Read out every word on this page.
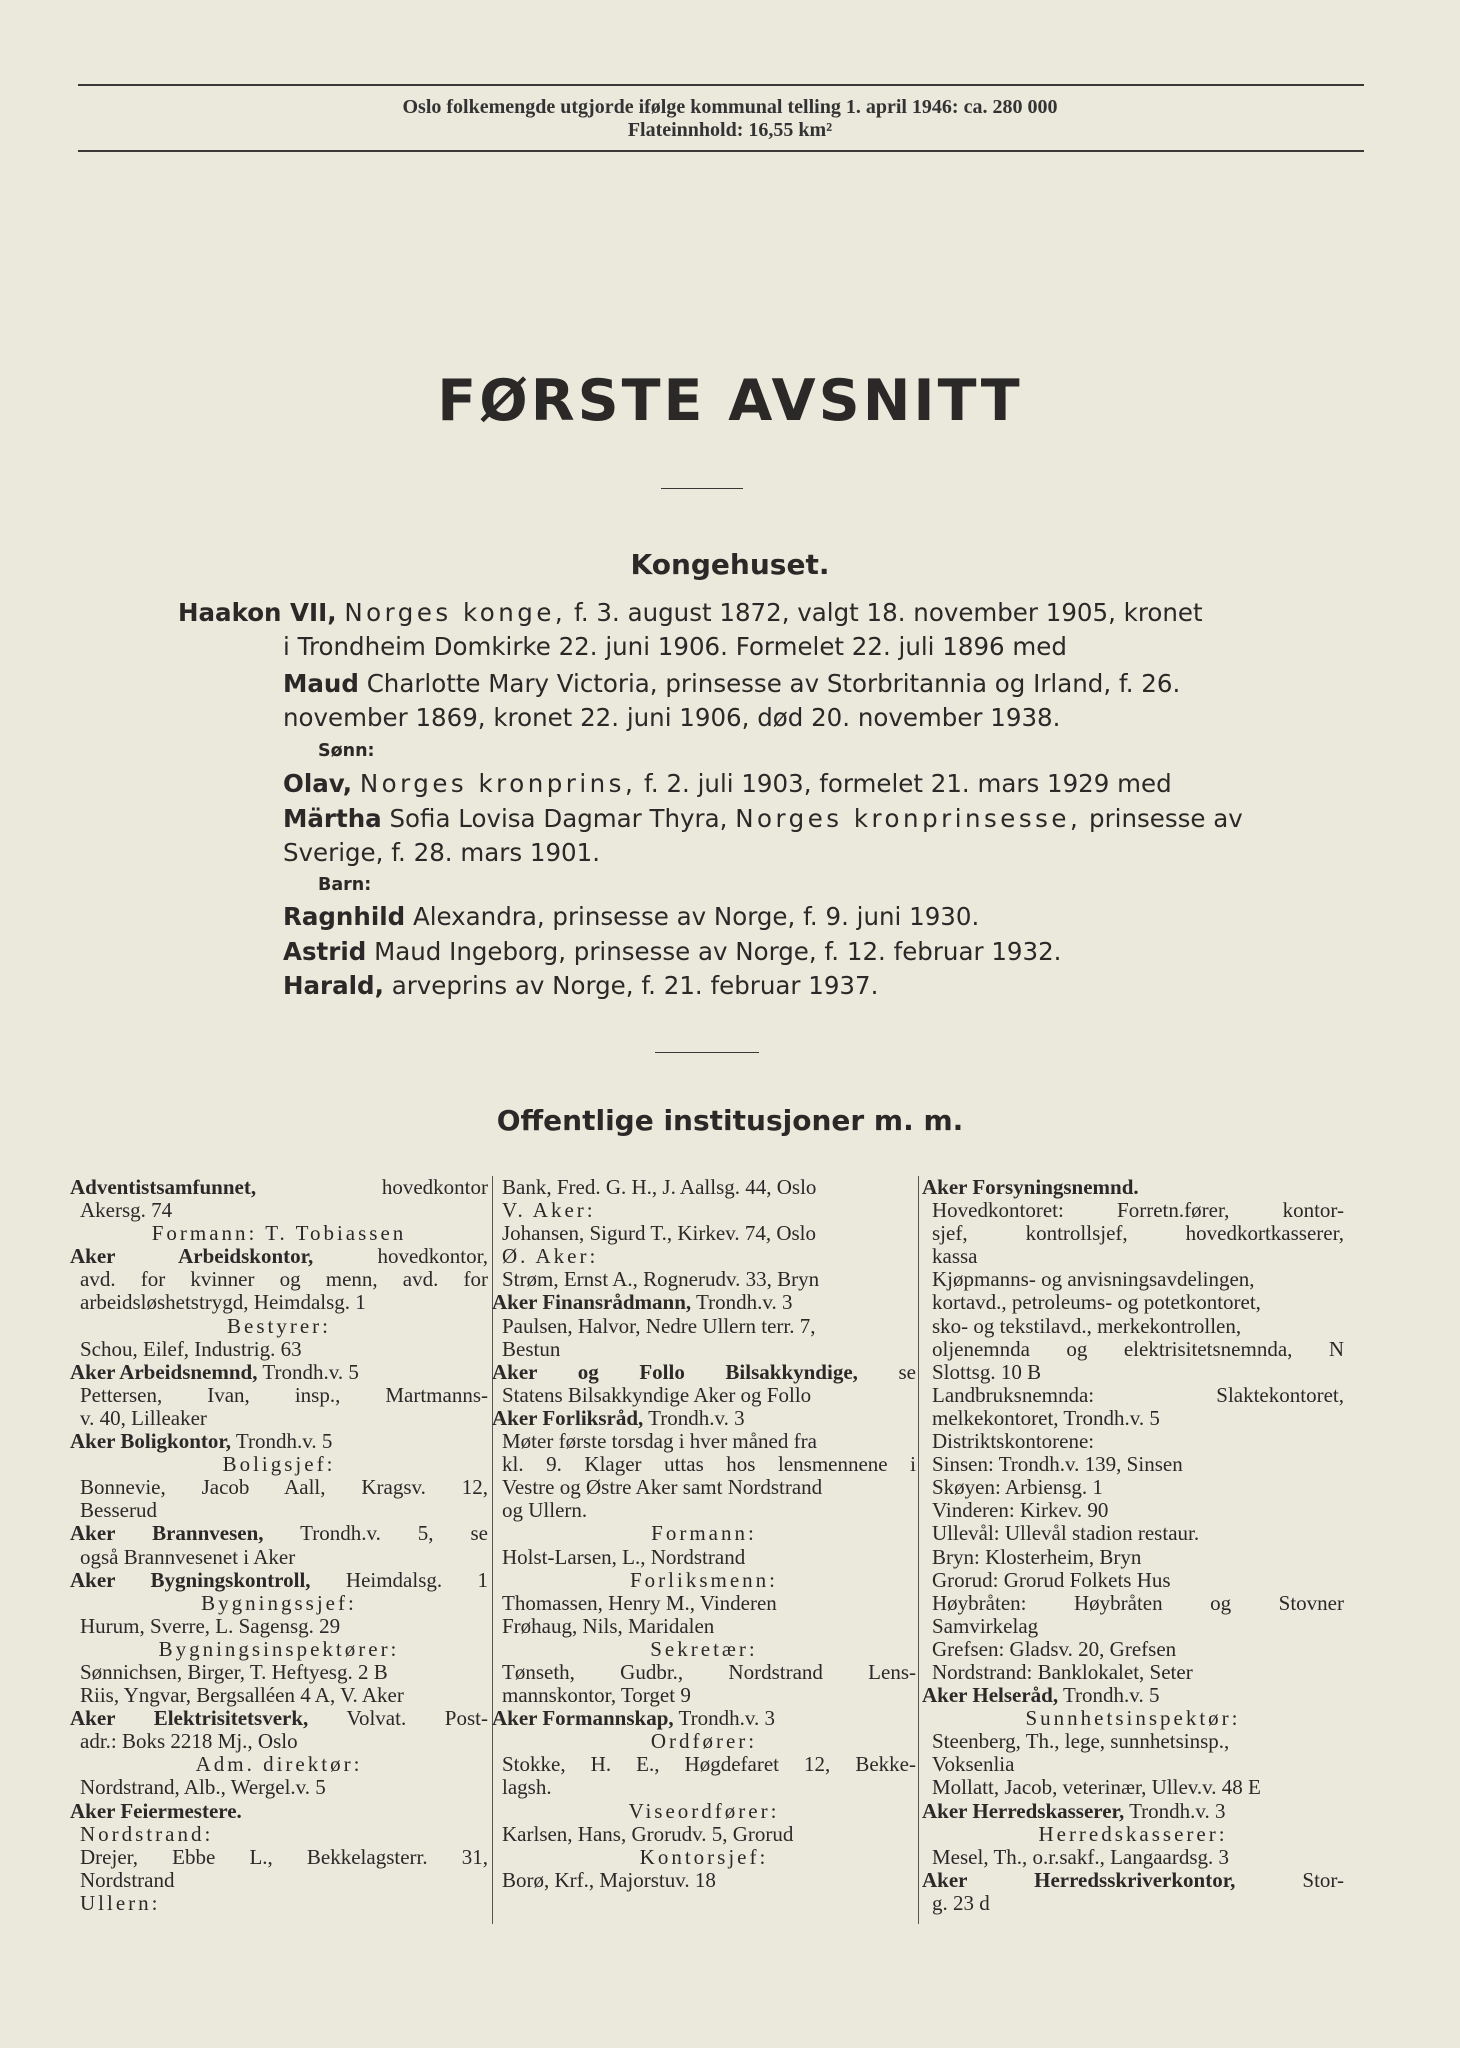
Oslo folkemengde utgjorde ifølge kommunal telling 1. april 1946: ca. 280 000
Flateinnhold: 16,55 km²
FØRSTE AVSNITT
Kongehuset.
Haakon VII, Norges konge, f. 3. august 1872, valgt 18. november 1905, kronet
i Trondheim Domkirke 22. juni 1906. Formelet 22. juli 1896 med
Maud Charlotte Mary Victoria, prinsesse av Storbritannia og Irland, f. 26.
november 1869, kronet 22. juni 1906, død 20. november 1938.
Sønn:
Olav, Norges kronprins, f. 2. juli 1903, formelet 21. mars 1929 med
Märtha Sofia Lovisa Dagmar Thyra, Norges kronprinsesse, prinsesse av
Sverige, f. 28. mars 1901.
Barn:
Ragnhild Alexandra, prinsesse av Norge, f. 9. juni 1930.
Astrid Maud Ingeborg, prinsesse av Norge, f. 12. februar 1932.
Harald, arveprins av Norge, f. 21. februar 1937.
Offentlige institusjoner m. m.
Adventistsamfunnet,	hovedkontor
Akersg. 74
Formann: T. Tobiassen
Aker Arbeidskontor,	hovedkontor,
avd. for kvinner og menn, avd. for
arbeidsløshetstrygd, Heimdalsg. 1
Bestyrer:
Schou, Eilef, Industrig. 63
Aker Arbeidsnemnd, Trondh.v. 5
Pettersen, Ivan, insp., Martmanns-
v. 40, Lilleaker
Aker Boligkontor, Trondh.v. 5
Boligsjef:
Bonnevie, Jacob Aall, Kragsv. 12,
Besserud
Aker Brannvesen, Trondh.v. 5, se
også Brannvesenet i Aker
Aker Bygningskontroll, Heimdalsg. 1
Bygningssjef:
Hurum, Sverre, L. Sagensg. 29
Bygningsinspektører:
Sønnichsen, Birger, T. Heftyesg. 2 B
Riis, Yngvar, Bergsalléen 4 A, V. Aker
Aker Elektrisitetsverk, Volvat. Post-
adr.: Boks 2218 Mj., Oslo
Adm. direktør:
Nordstrand, Alb., Wergel.v. 5
Aker Feiermestere.
Nordstrand:
Drejer, Ebbe L., Bekkelagsterr. 31,
Nordstrand
Ullern:
Bank, Fred. G. H., J. Aallsg. 44, Oslo
V. Aker:
Johansen, Sigurd T., Kirkev. 74, Oslo
Ø. Aker:
Strøm, Ernst A., Rognerudv. 33, Bryn
Aker Finansrådmann, Trondh.v. 3
Paulsen, Halvor, Nedre Ullern terr. 7,
Bestun
Aker og Follo Bilsakkyndige, se
Statens Bilsakkyndige Aker og Follo
Aker Forliksråd, Trondh.v. 3
Møter første torsdag i hver måned fra
kl. 9. Klager uttas hos lensmennene i
Vestre og Østre Aker samt Nordstrand
og Ullern.
Formann:
Holst-Larsen, L., Nordstrand
Forliksmenn:
Thomassen, Henry M., Vinderen
Frøhaug, Nils, Maridalen
Sekretær:
Tønseth, Gudbr., Nordstrand Lens-
mannskontor, Torget 9
Aker Formannskap, Trondh.v. 3
Ordfører:
Stokke, H. E., Høgdefaret 12, Bekke-
lagsh.
Viseordfører:
Karlsen, Hans, Grorudv. 5, Grorud
Kontorsjef:
Borø, Krf., Majorstuv. 18
Aker Forsyningsnemnd.
Hovedkontoret: Forretn.fører, kontor-
sjef, kontrollsjef, hovedkortkasserer,
kassa
Kjøpmanns- og anvisningsavdelingen,
kortavd., petroleums- og potetkontoret,
sko- og tekstilavd., merkekontrollen,
oljenemnda og elektrisitetsnemnda, N
Slottsg. 10 B
Landbruksnemnda: Slaktekontoret,
melkekontoret, Trondh.v. 5
Distriktskontorene:
Sinsen: Trondh.v. 139, Sinsen
Skøyen: Arbiensg. 1
Vinderen: Kirkev. 90
Ullevål: Ullevål stadion restaur.
Bryn: Klosterheim, Bryn
Grorud: Grorud Folkets Hus
Høybråten: Høybråten og Stovner
Samvirkelag
Grefsen: Gladsv. 20, Grefsen
Nordstrand: Banklokalet, Seter
Aker Helseråd, Trondh.v. 5
Sunnhetsinspektør:
Steenberg, Th., lege, sunnhetsinsp.,
Voksenlia
Mollatt, Jacob, veterinær, Ullev.v. 48 E
Aker Herredskasserer, Trondh.v. 3
Herredskasserer:
Mesel, Th., o.r.sakf., Langaardsg. 3
Aker Herredsskriverkontor,	Stor-
g. 23 d
